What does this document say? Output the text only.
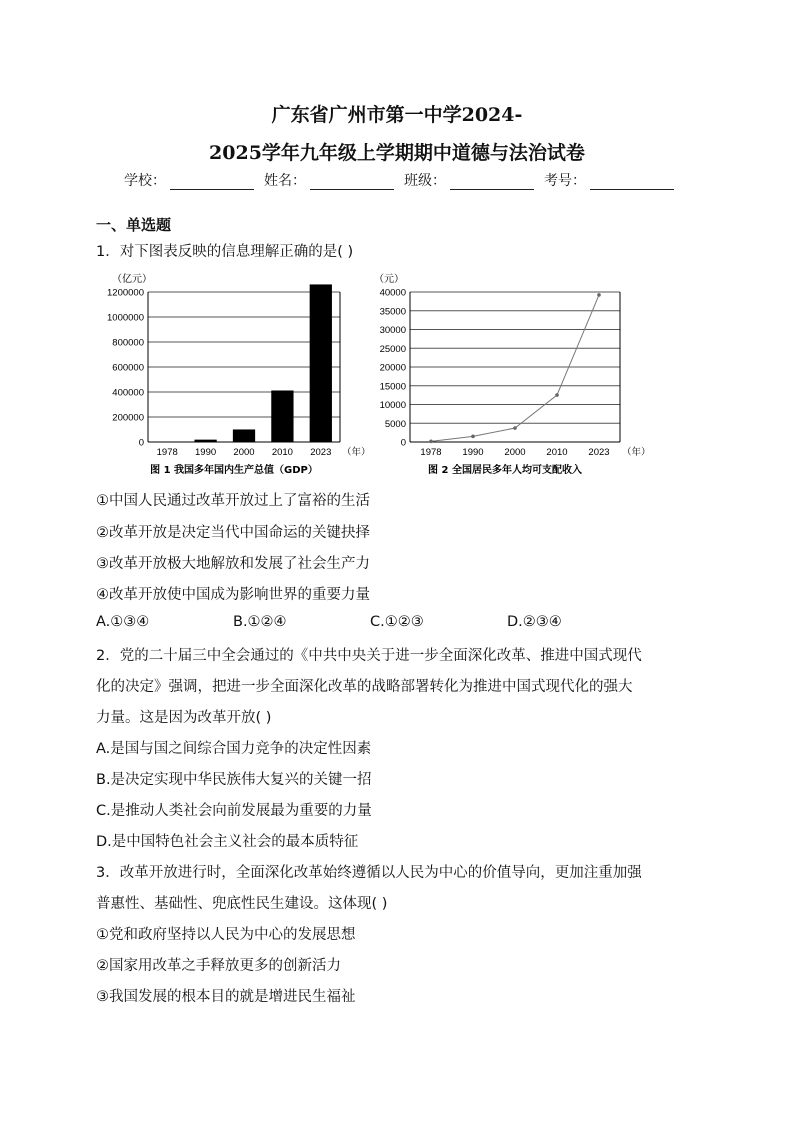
广东省广州市第一中学2024-
2025学年九年级上学期期中道德与法治试卷
学校：	姓名：	班级：	考号：
一、单选题
1．对下图表反映的信息理解正确的是( )
0
200000
400000
600000
800000
1000000
1200000
（亿元）
1978 1990 2000 2010 2023 （年）
图 1 我国多年国内生产总值（GDP）
0
5000
10000
15000
20000
25000
30000
35000
40000
（元）
1978 1990 2000 2010 2023 （年）
图 2 全国居民多年人均可支配收入
①中国人民通过改革开放过上了富裕的生活
②改革开放是决定当代中国命运的关键抉择
③改革开放极大地解放和发展了社会生产力
④改革开放使中国成为影响世界的重要力量
A.①③④	B.①②④	C.①②③	D.②③④
2．党的二十届三中全会通过的《中共中央关于进一步全面深化改革、推进中国式现代
化的决定》强调，把进一步全面深化改革的战略部署转化为推进中国式现代化的强大
力量。这是因为改革开放( )
A.是国与国之间综合国力竞争的决定性因素
B.是决定实现中华民族伟大复兴的关键一招
C.是推动人类社会向前发展最为重要的力量
D.是中国特色社会主义社会的最本质特征
3．改革开放进行时，全面深化改革始终遵循以人民为中心的价值导向，更加注重加强
普惠性、基础性、兜底性民生建设。这体现( )
①党和政府坚持以人民为中心的发展思想
②国家用改革之手释放更多的创新活力
③我国发展的根本目的就是增进民生福祉
